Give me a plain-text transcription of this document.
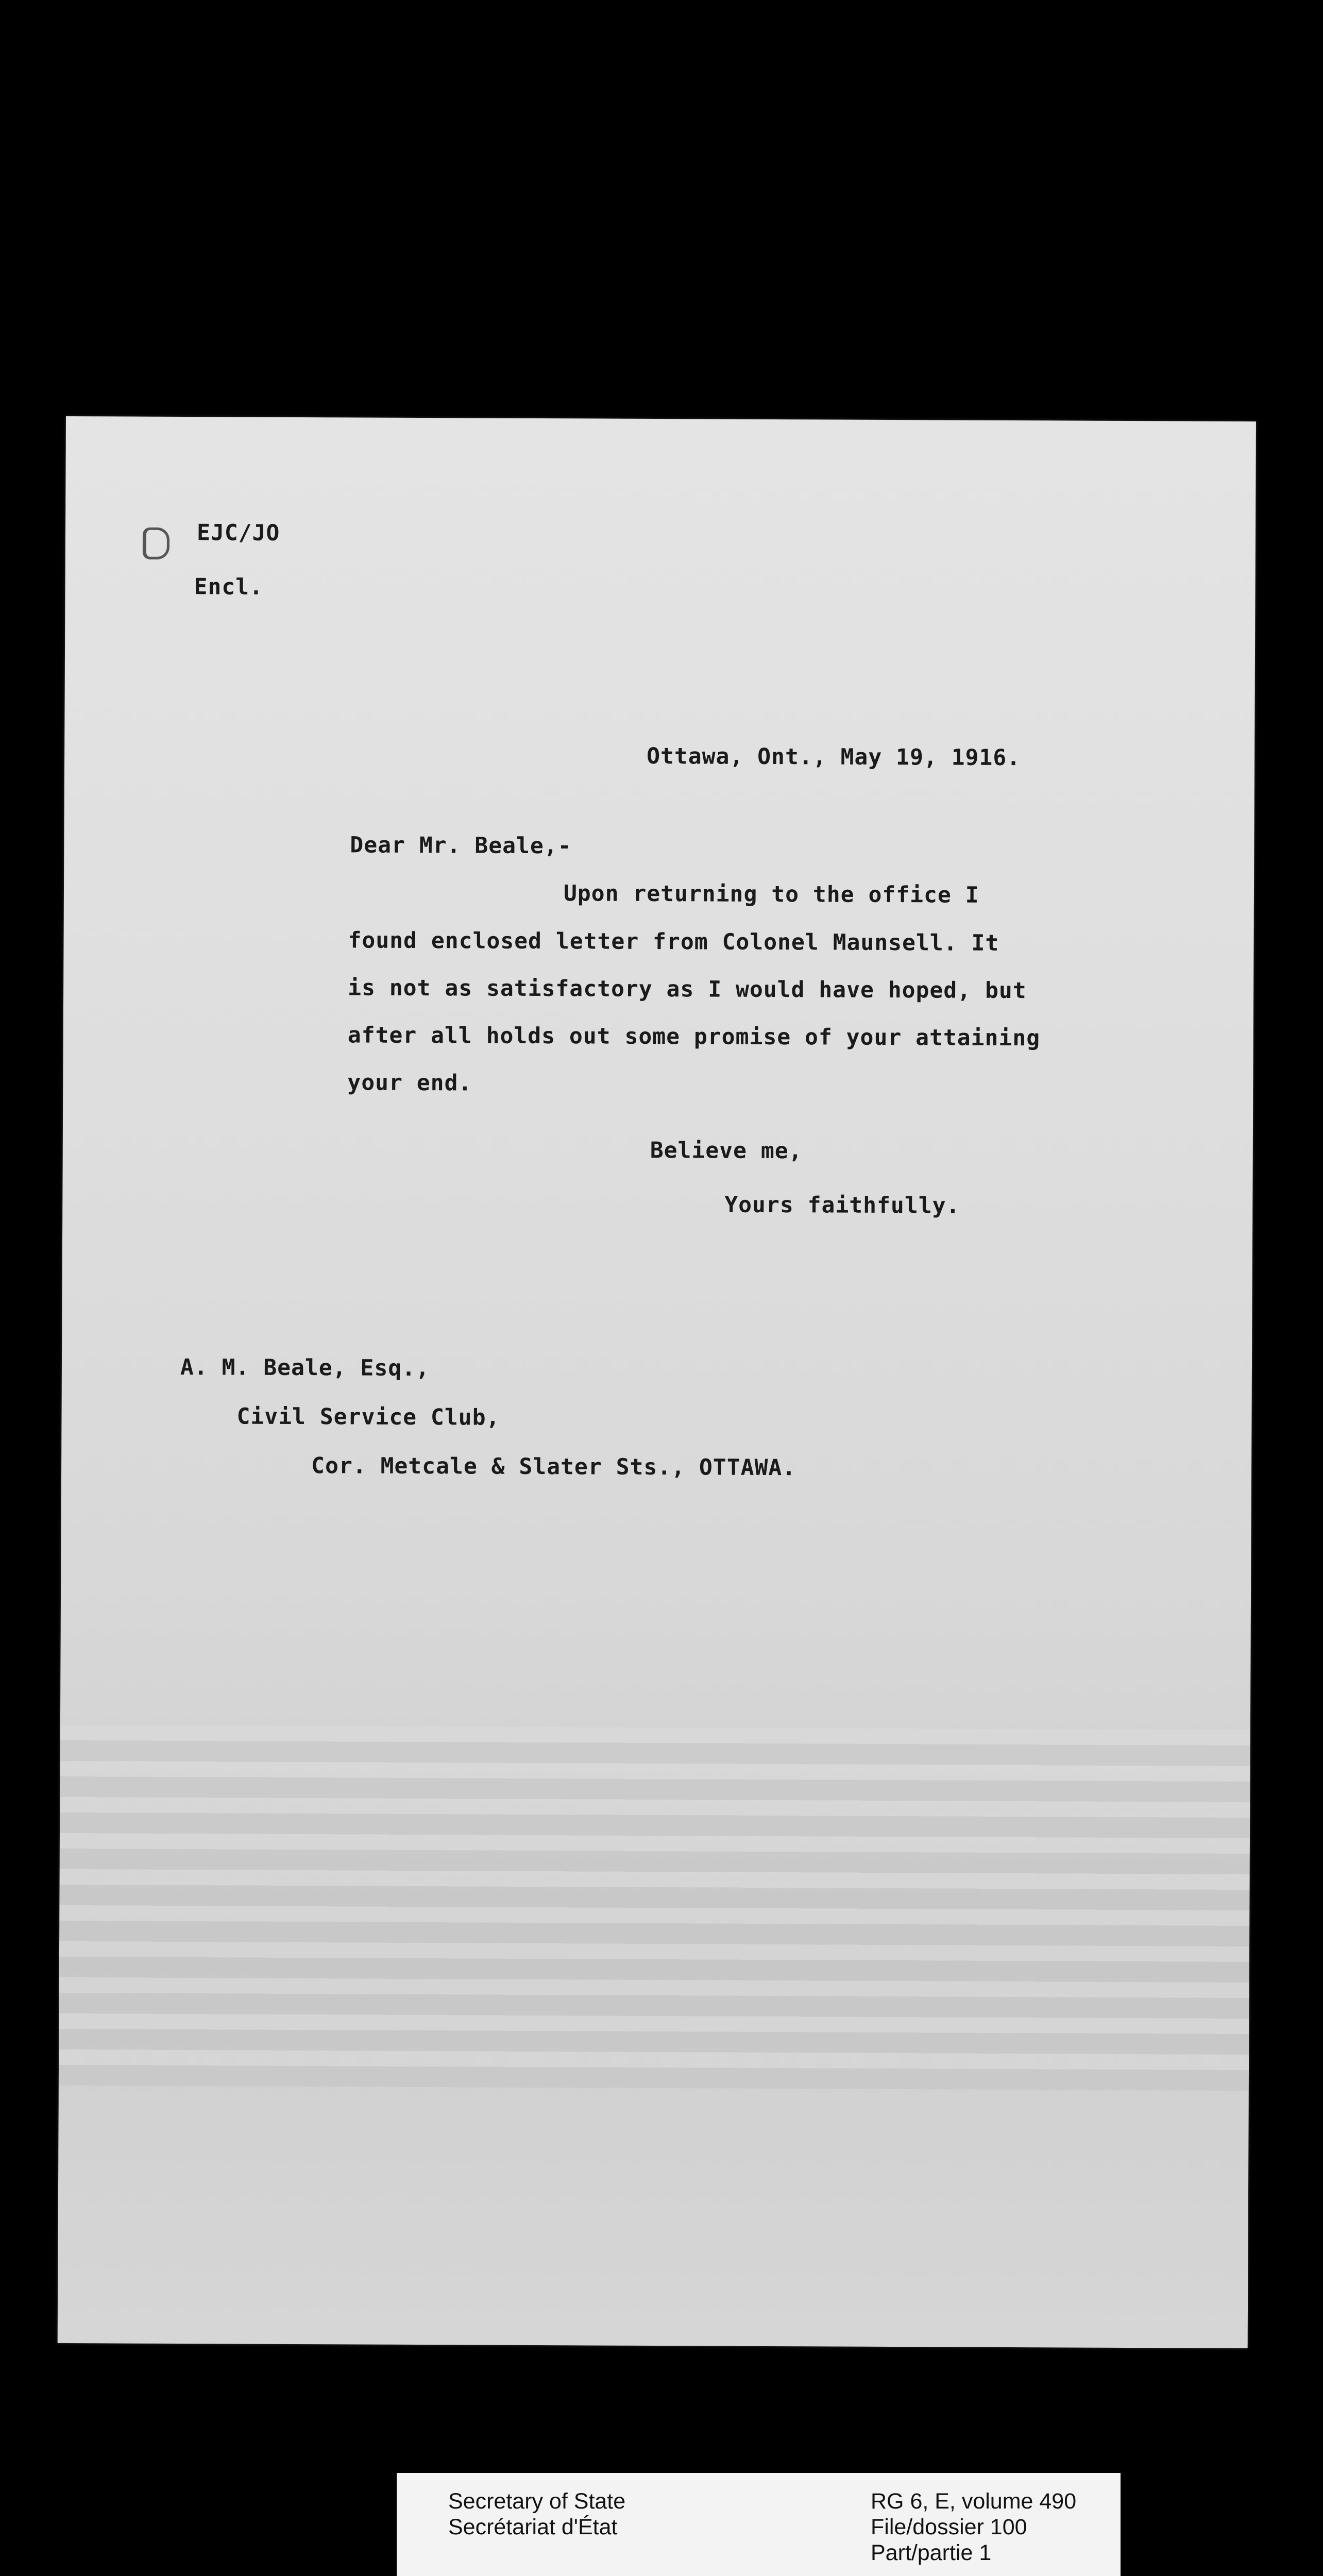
EJC/JO
Encl.
Ottawa, Ont., May 19, 1916.
Dear Mr. Beale,-
Upon returning to the office I
found enclosed letter from Colonel Maunsell. It
is not as satisfactory as I would have hoped, but
after all holds out some promise of your attaining
your end.
Believe me,
Yours faithfully.
A. M. Beale, Esq.,
Civil Service Club,
Cor. Metcale & Slater Sts., OTTAWA.
Secretary of State
Secrétariat d'État
RG 6, E, volume 490
File/dossier 100
Part/partie 1
